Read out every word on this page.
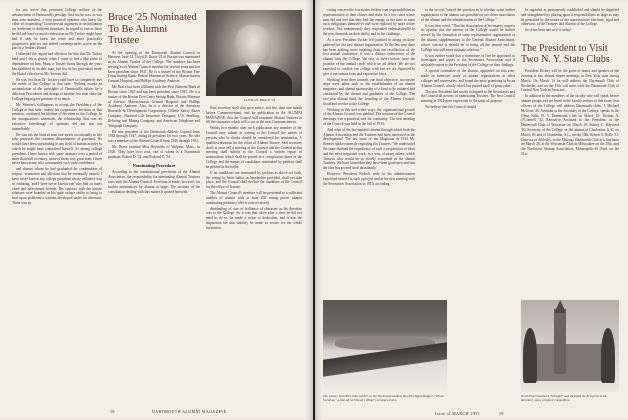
for any move that promised College welfare or the advancement of Dartmouth's prestige. And not he was, as was then seen manifest, a very practical operator who knew the value of cooperating! Controversial argument or recrimination are irrelevant to different situations. In regard to one as these he did not have so much reservation as Dr. Tucker might have had if only he knew the wiser and more practically progressive policies and indeed contemporaries active on the part of a Jenkins' Board.

I inherited the regard and affection for him that Dr. Tucker held and I felt it greatly when I came to feel a like sense of dependence on him. Many a Trustee down through the years has qualified as an able man, but few in his generation made the Board effective as Mr. Streeter did.

He was less than Dr. Tucker could have so completely met the needs of the College in that time. Nothing except an accumulation of the oversights of Dartmouth's affairs by a delicious Providence and doings of another few men since the College began gave promise of so much.

Mr. Streeter's willingness to accept the Presidency of the College at that time, indeed his cooperative devotion in that position, continued his lifetime of devotion to the College. In the inauguration's aftermath, the relationship that was an extensive interchange of opinions did not run out immediately.

He was not the kind of man one meets occasionally in life who possesses the common denominators of greatness. He would have been outstanding in any field of human activity to which he might have committed himself. As among college presidents I have known with some intimacy over a period of more than half a century, some of them very great men, I have never known one who commanded such wide confidence.

and alumni whom he had graduated the combination of respect, veneration and affection that he eventually earned. I have never known any college president whose influence was so enduring; and I have never known one who had so many close and affectionate friends. His contacts with the trustee relations were founded on his quite unique ability to bring to bear upon problems a wisdom developed under his direction. There was no

Brace '25 Nominated To Be Alumni Trustee

At the opening of the Dartmouth Alumni Council in Hanover, June 12, Lloyd D. Brace '25 of Boston was nominated as an Alumni Trustee of the College. The nominee has been serving as an Alumni Council member for several years and has been president since 1947. He is a trustee of the Boston Five Cents Saving Bank, Boston Museum of Science, Massachusetts General Hospital, and Phillips Academy, Andover.

Mr. Brace has been affiliated with the First National Bank of Boston since 1925 and has been president since 1947. He is a trustee of the Boston Five Cents Saving Bank, Boston Museum of Science, Massachusetts General Hospital, and Phillips Academy, Andover. Also, he is a director of the American Research & Development Corporation, Gillette Safety Razor Company, National Life Insurance Company, U.S. Smelting, Refining and Mining Company, and American Telephone and Telegraph Company.

He was president of the Dartmouth Athletic Council from 1942 through 1947, acting as president for two years. He also was a member of the Alumni Council from 1946 through 1952.

Mr. Brace married Miss Reynolds of Walpole, Mass., in 1926. They have two sons, one of whom is a Dartmouth graduate, Robert D. '52, and Richard C. '54.

Nominating Procedure

According to the constitutional provisions of the Alumni Association, the responsibility for nominating Alumni Trustees rests with the Alumni Council. Provision is made, however, for further nominations by alumni at large. The sections of the constitution dealing with this matter is quoted herewith:

LLOYD D. BRACE '25

Said secretary shall also give notice, not less than one month before Commencement, and by publication in the ALUMNI MAGAZINE, that the Council will nominate Alumni Trustees to fill the vacancies which will occur at the next Commencement.

Within two months after such publication any member of the Council may submit in writing to the Council the names of persons who he thinks should be considered for nomination. A qualified alumnus for the office of Alumni Trustee. Said secretary shall, at once call a meeting of the Council and the Council at that meeting shall submit to the Council a written report of nominations which shall be posted in a conspicuous place in the College and the names of candidates nominated by petition shall be printed in the ballot.

If no candidates are nominated by petition as above set forth, the voting by letter ballot, as hereinafter provided, shall not take place, and the Council shall declare the candidate of the Council for the office of Trustee.

The Alumni Council's nominee will be presented to a sufficient number of alumni with at least 250 voting power alumni nominating petitions (which were received).

dismantling of size or brilliance of character as his devotion was to the College. So it was that when after a time he did not need to do so, he made a virtue of dedication, and it was the inspiration for that stability he made so secure for the whole institution.

18	DARTMOUTH ALUMNI MAGAZINE

voting concern the secretaries in their own responsibilities as representatives of their classes and clubs. In a few cases where men did not feel that they had the energy or the time to meet such obligations themselves and were replaced by more active workers. Not unanimously they responded enthusiastically to the new demands on their ability and to the challenge.

As a new President Tucker felt justified in acting on those gathered for the new alumni organization. To the last year there has been nothing more inspiring than our recollection of the first annual conference. It was a distinct rediscovery of the alumni with the College. We saw, as never before, have the promise of the annual circle which we all desire. We are not expected to confine our college with but we are expected to give it our reason form and expressive force.

Working from then towards our final objective, successive steps were taken such as the establishment of an alumni magazine, and alumni sponsorship of a fund to be initiated and conducted by the alumni and graduates of the College. The two-year alumni fund, the founding of the Alumni Council, fiscal and service to the College.

Working in this and wider ways, the organizational growth of the Alumni Council was gradual. The creation of the Council meetings was a practical tool for continuity. The first meeting of the Council was held in the fall of 1913.

And what of the fair-minded citizens through which both the Alumni Association and the Trustees had been interested in the development? The last issue of the Magazine in 1914 Mr. Streeter spoke earnestly regarding the Trustees: 'We understood the same doubted the expediency of such a cooperation of ideas and the most important work, in a way, of many others, which Trustees who would be so closely concerned as the alumni Trustees. We have found that they have been good men and that the idea has proved itself abundantly.'

However, President Nichols early in his administration expressed interest in such a project and in his first meeting with the Secretaries Association in 1910, according

to the record, "raised the question as to whether some further organization of the alumni was possible for yet closer association of the alumni and the administration of the College."

It was then voted, "That the Association of Secretaries express its opinion that the interest of the College would be further served by the formation of some representative organization of the alumni, supplementary to the General Alumni Association, whose concern it should be to bring all the alumni and the College into still more intimate relations."

It was further voted that a committee of five be appointed to investigate and report to the Secretaries Association and if advisable report to the President of the College on their findings.

A special committee of the alumni, appointed on this vote, made an intensive study of alumni organizations at other colleges and universities, and found the most promising to be an Alumni Council, a body which has proved itself of great value.

The new President had wisely delegated to the Secretaries and the Council all powers of nominating Trustees. The first Council meeting in 1914 gave expression to the unity of purpose.

We believe that this Council should

be regarded as permanently established and should be dignified and strengthened by placing upon it responsibilities as large as may be permitted by the nature of the representative elections, legal and otherwise, of the Trustees and Alumni of the College.

So it has been and so it is today!

The President to Visit Two N. Y. State Clubs

President Dickey will be the guest of honor and speaker of the evening at two alumni dinner meetings in New York state during March. On March 14 he will address the Dartmouth Club of Rochester, and on the 15th will meet with the Dartmouth Club of Central New York in Syracuse.

In addition to the members of the faculty who will speak before alumni groups and are listed in the faculty section of this issue, four officers of the College will address Dartmouth clubs. J. Michael McGean '49, Assistant to the Secretary of the College, speaks to the Glens Falls, N. Y. Dartmouth Club on March 10; Thomas A. O'Connell '32, Executive Assistant to the President, at the Dartmouth Club of Worcester on March 18; Sidney C. Hayward '26, Secretary of the College, at the alumni of Charleston, S. C. on March 18; and of Charleston, S.C., on the 19th; Robert A. Rolle '31, Director of Athletics, to the Chicago Dartmouth Club at a luncheon on March 28, at the Wisconsin Club in Milwaukee on the 29th, and the Northwest Alumni Association, Minneapolis-St. Paul, on the 31st.

The wintery festivities come earlier on the Dartmouth campus than Phi Sigma Kappa's "Winter Carnival," a take-off on Winnie's Winter Carnival contest.
North Fayerweather's "tetraglot" was awarded the first prize in the dormitory snow sculpture competition.
Issue of MARCH 1955	19
